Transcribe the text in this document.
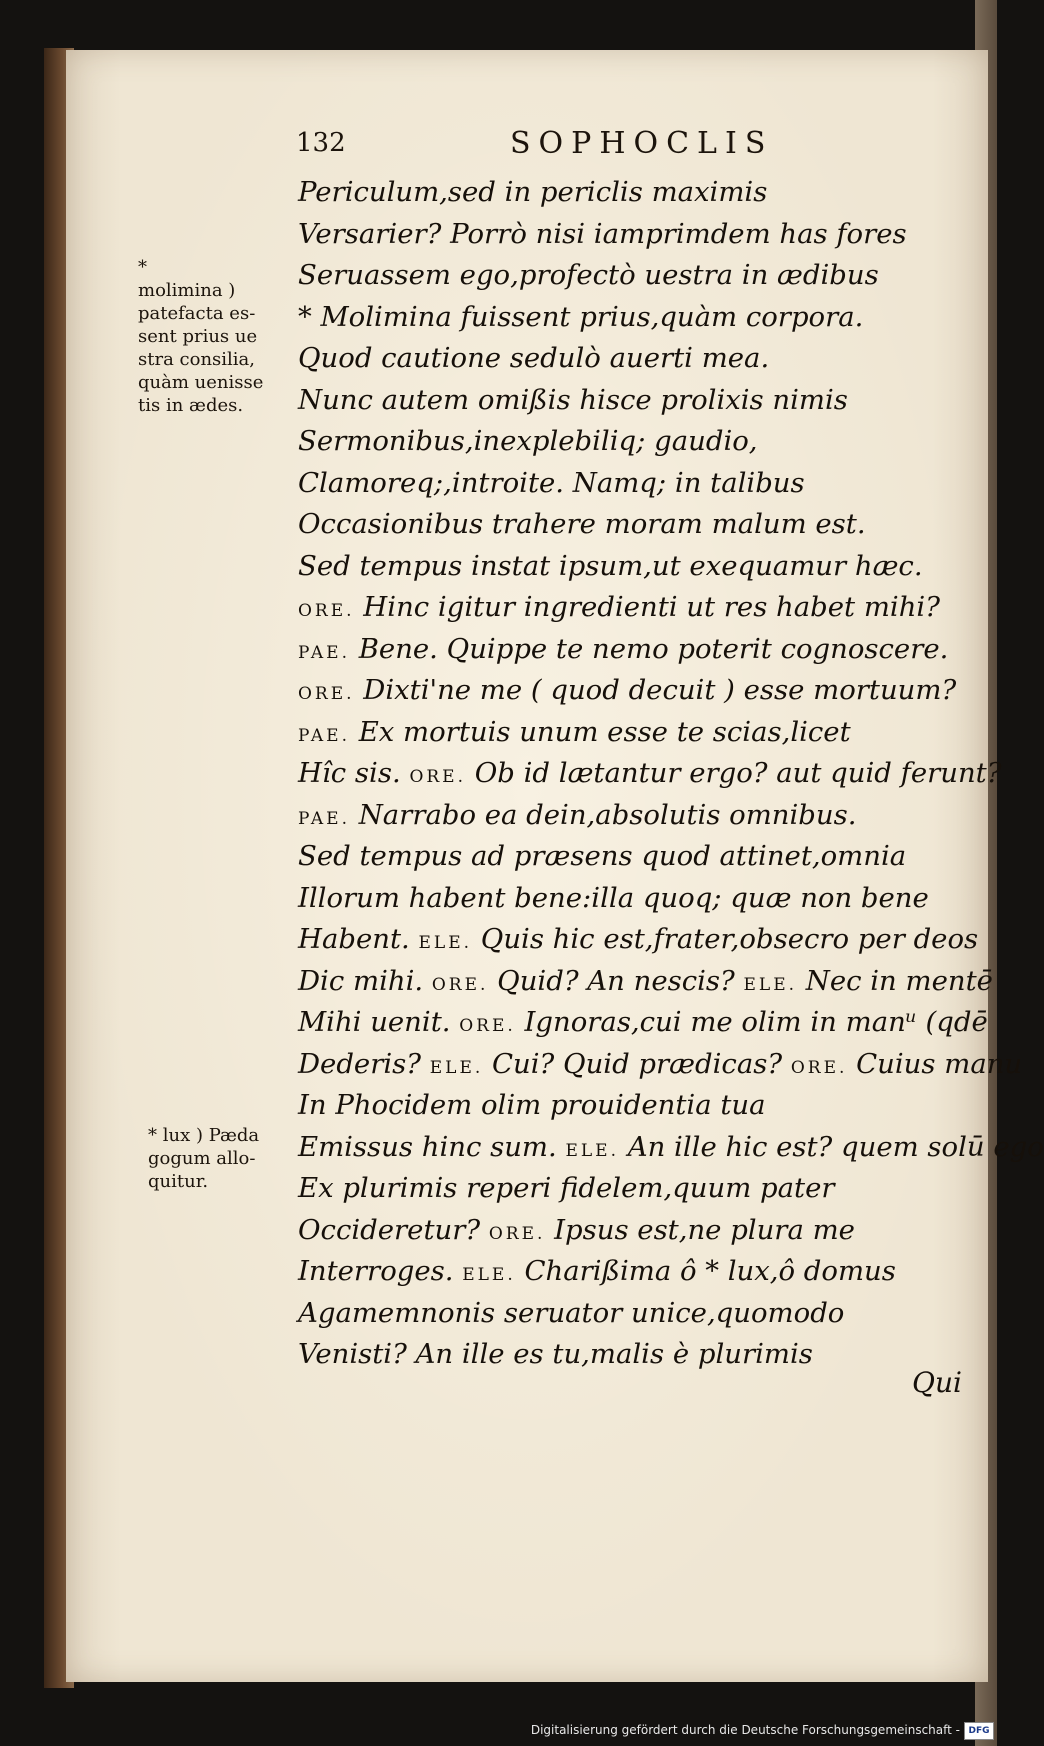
132	SOPHOCLIS
Periculum,sed in periclis maximis
Versarier? Porrò nisi iamprimdem has fores
Seruassem ego,profectò uestra in ædibus
* Molimina fuissent prius,quàm corpora.
Quod cautione sedulò auerti mea.
Nunc autem omißis hisce prolixis nimis
Sermonibus,inexplebiliq; gaudio,
Clamoreq;,introite. Namq; in talibus
Occasionibus trahere moram malum est.
Sed tempus instat ipsum,ut exequamur hæc.
ORE. Hinc igitur ingredienti ut res habet mihi?
PAE. Bene. Quippe te nemo poterit cognoscere.
ORE. Dixti'ne me ( quod decuit ) esse mortuum?
PAE. Ex mortuis unum esse te scias,licet
Hîc sis. ORE. Ob id lætantur ergo? aut quid ferunt?
PAE. Narrabo ea dein,absolutis omnibus.
Sed tempus ad præsens quod attinet,omnia
Illorum habent bene:illa quoq; quæ non bene
Habent. ELE. Quis hic est,frater,obsecro per deos
Dic mihi. ORE. Quid? An nescis? ELE. Nec in mentē
Mihi uenit. ORE. Ignoras,cui me olim in manᵘ (qdē
Dederis? ELE. Cui? Quid prædicas? ORE. Cuius manu
In Phocidem olim prouidentia tua
Emissus hinc sum. ELE. An ille hic est? quem solū ego
Ex plurimis reperi fidelem,quum pater
Occideretur? ORE. Ipsus est,ne plura me
Interroges. ELE. Charißima ô * lux,ô domus
Agamemnonis seruator unice,quomodo
Venisti? An ille es tu,malis è plurimis
*
molimina )
patefacta es-
sent prius ue
stra consilia,
quàm uenisse
tis in ædes.
* lux ) Pæda
gogum allo-
quitur.
Qui
Digitalisierung gefördert durch die Deutsche Forschungsgemeinschaft - DFG
